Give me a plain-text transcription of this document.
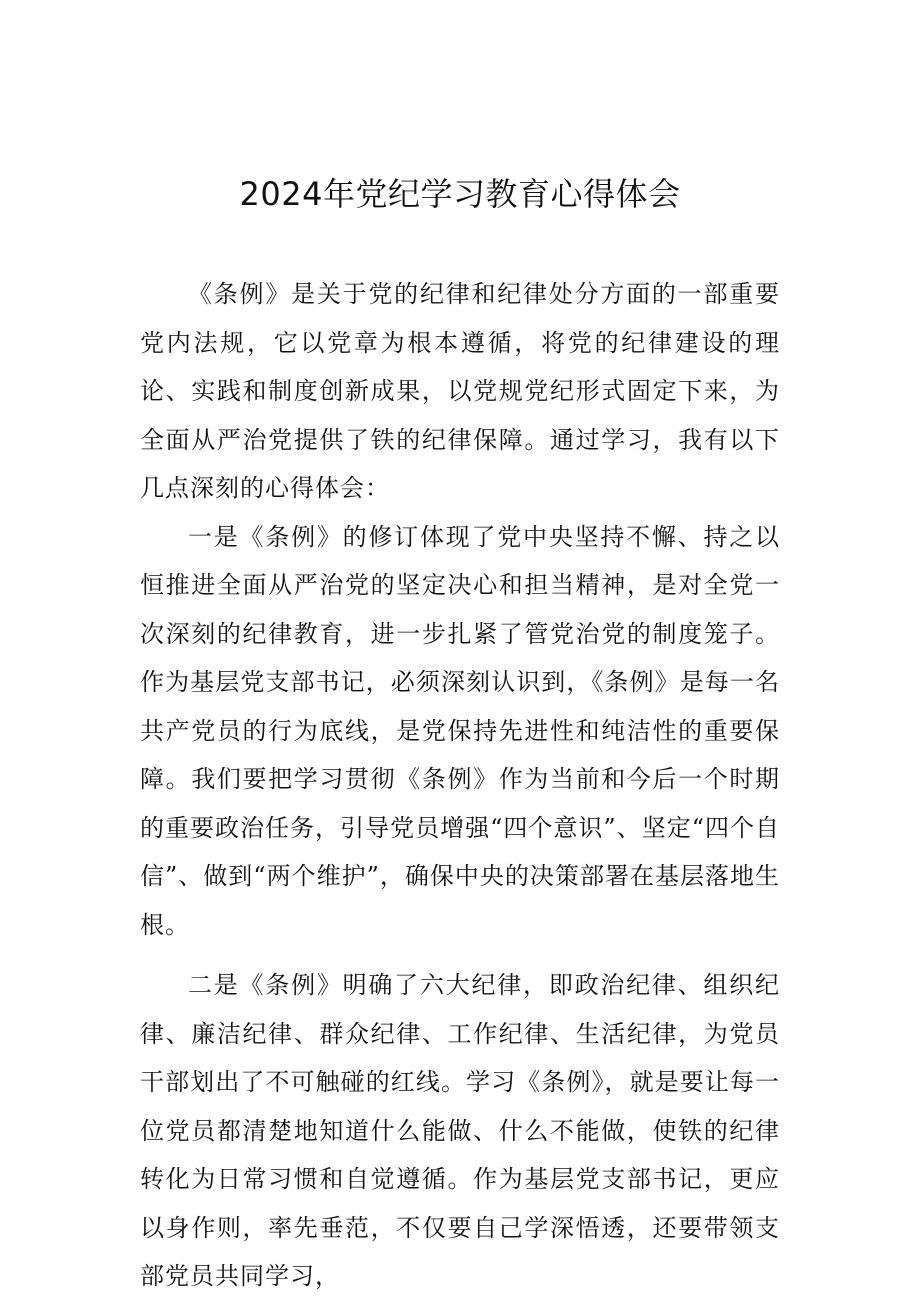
2024年党纪学习教育心得体会

《条例》是关于党的纪律和纪律处分方面的一部重要党内法规，它以党章为根本遵循，将党的纪律建设的理论、实践和制度创新成果，以党规党纪形式固定下来，为全面从严治党提供了铁的纪律保障。通过学习，我有以下几点深刻的心得体会：

一是《条例》的修订体现了党中央坚持不懈、持之以恒推进全面从严治党的坚定决心和担当精神，是对全党一次深刻的纪律教育，进一步扎紧了管党治党的制度笼子。作为基层党支部书记，必须深刻认识到，《条例》是每一名共产党员的行为底线，是党保持先进性和纯洁性的重要保障。我们要把学习贯彻《条例》作为当前和今后一个时期的重要政治任务，引导党员增强“四个意识”、坚定“四个自信”、做到“两个维护”，确保中央的决策部署在基层落地生根。

二是《条例》明确了六大纪律，即政治纪律、组织纪律、廉洁纪律、群众纪律、工作纪律、生活纪律，为党员干部划出了不可触碰的红线。学习《条例》，就是要让每一位党员都清楚地知道什么能做、什么不能做，使铁的纪律转化为日常习惯和自觉遵循。作为基层党支部书记，更应以身作则，率先垂范，不仅要自己学深悟透，还要带领支部党员共同学习，
